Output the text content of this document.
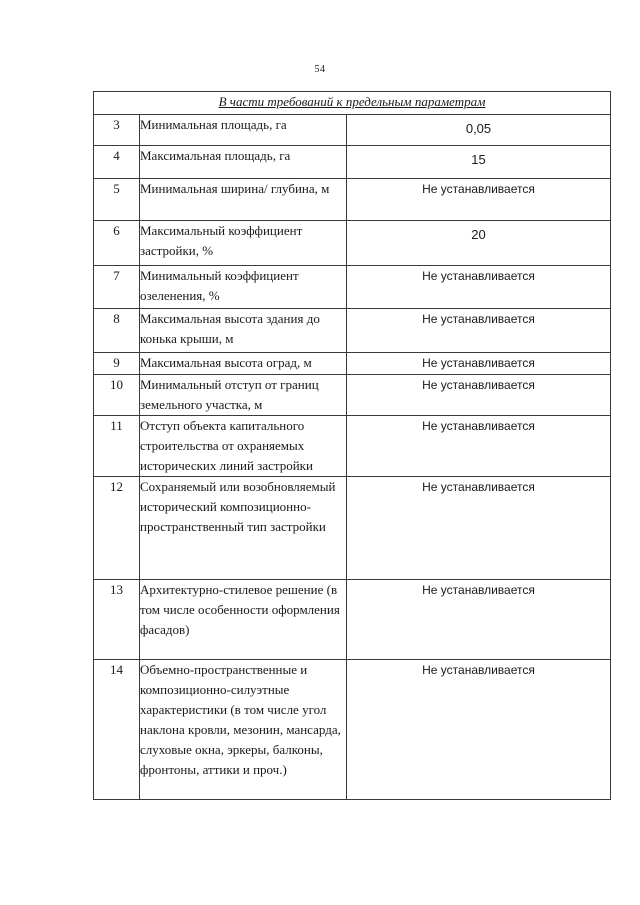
54
В части требований к предельным параметрам		
3	Минимальная площадь, га	0,05
4	Максимальная площадь, га	15
5	Минимальная ширина/ глубина, м	Не устанавливается
6	Максимальный коэффициент застройки, %	20
7	Минимальный коэффициент озеленения, %	Не устанавливается
8	Максимальная высота здания до конька крыши, м	Не устанавливается
9	Максимальная высота оград, м	Не устанавливается
10	Минимальный отступ от границ земельного участка, м	Не устанавливается
11	Отступ объекта капитального строительства от охраняемых исторических линий застройки	Не устанавливается
12	Сохраняемый или возобновляемый исторический композиционно-пространственный тип застройки	Не устанавливается
13	Архитектурно-стилевое решение (в том числе особенности оформления фасадов)	Не устанавливается
14	Объемно-пространственные и композиционно-силуэтные характеристики (в том числе угол наклона кровли, мезонин, мансарда, слуховые окна, эркеры, балконы, фронтоны, аттики и проч.)	Не устанавливается
